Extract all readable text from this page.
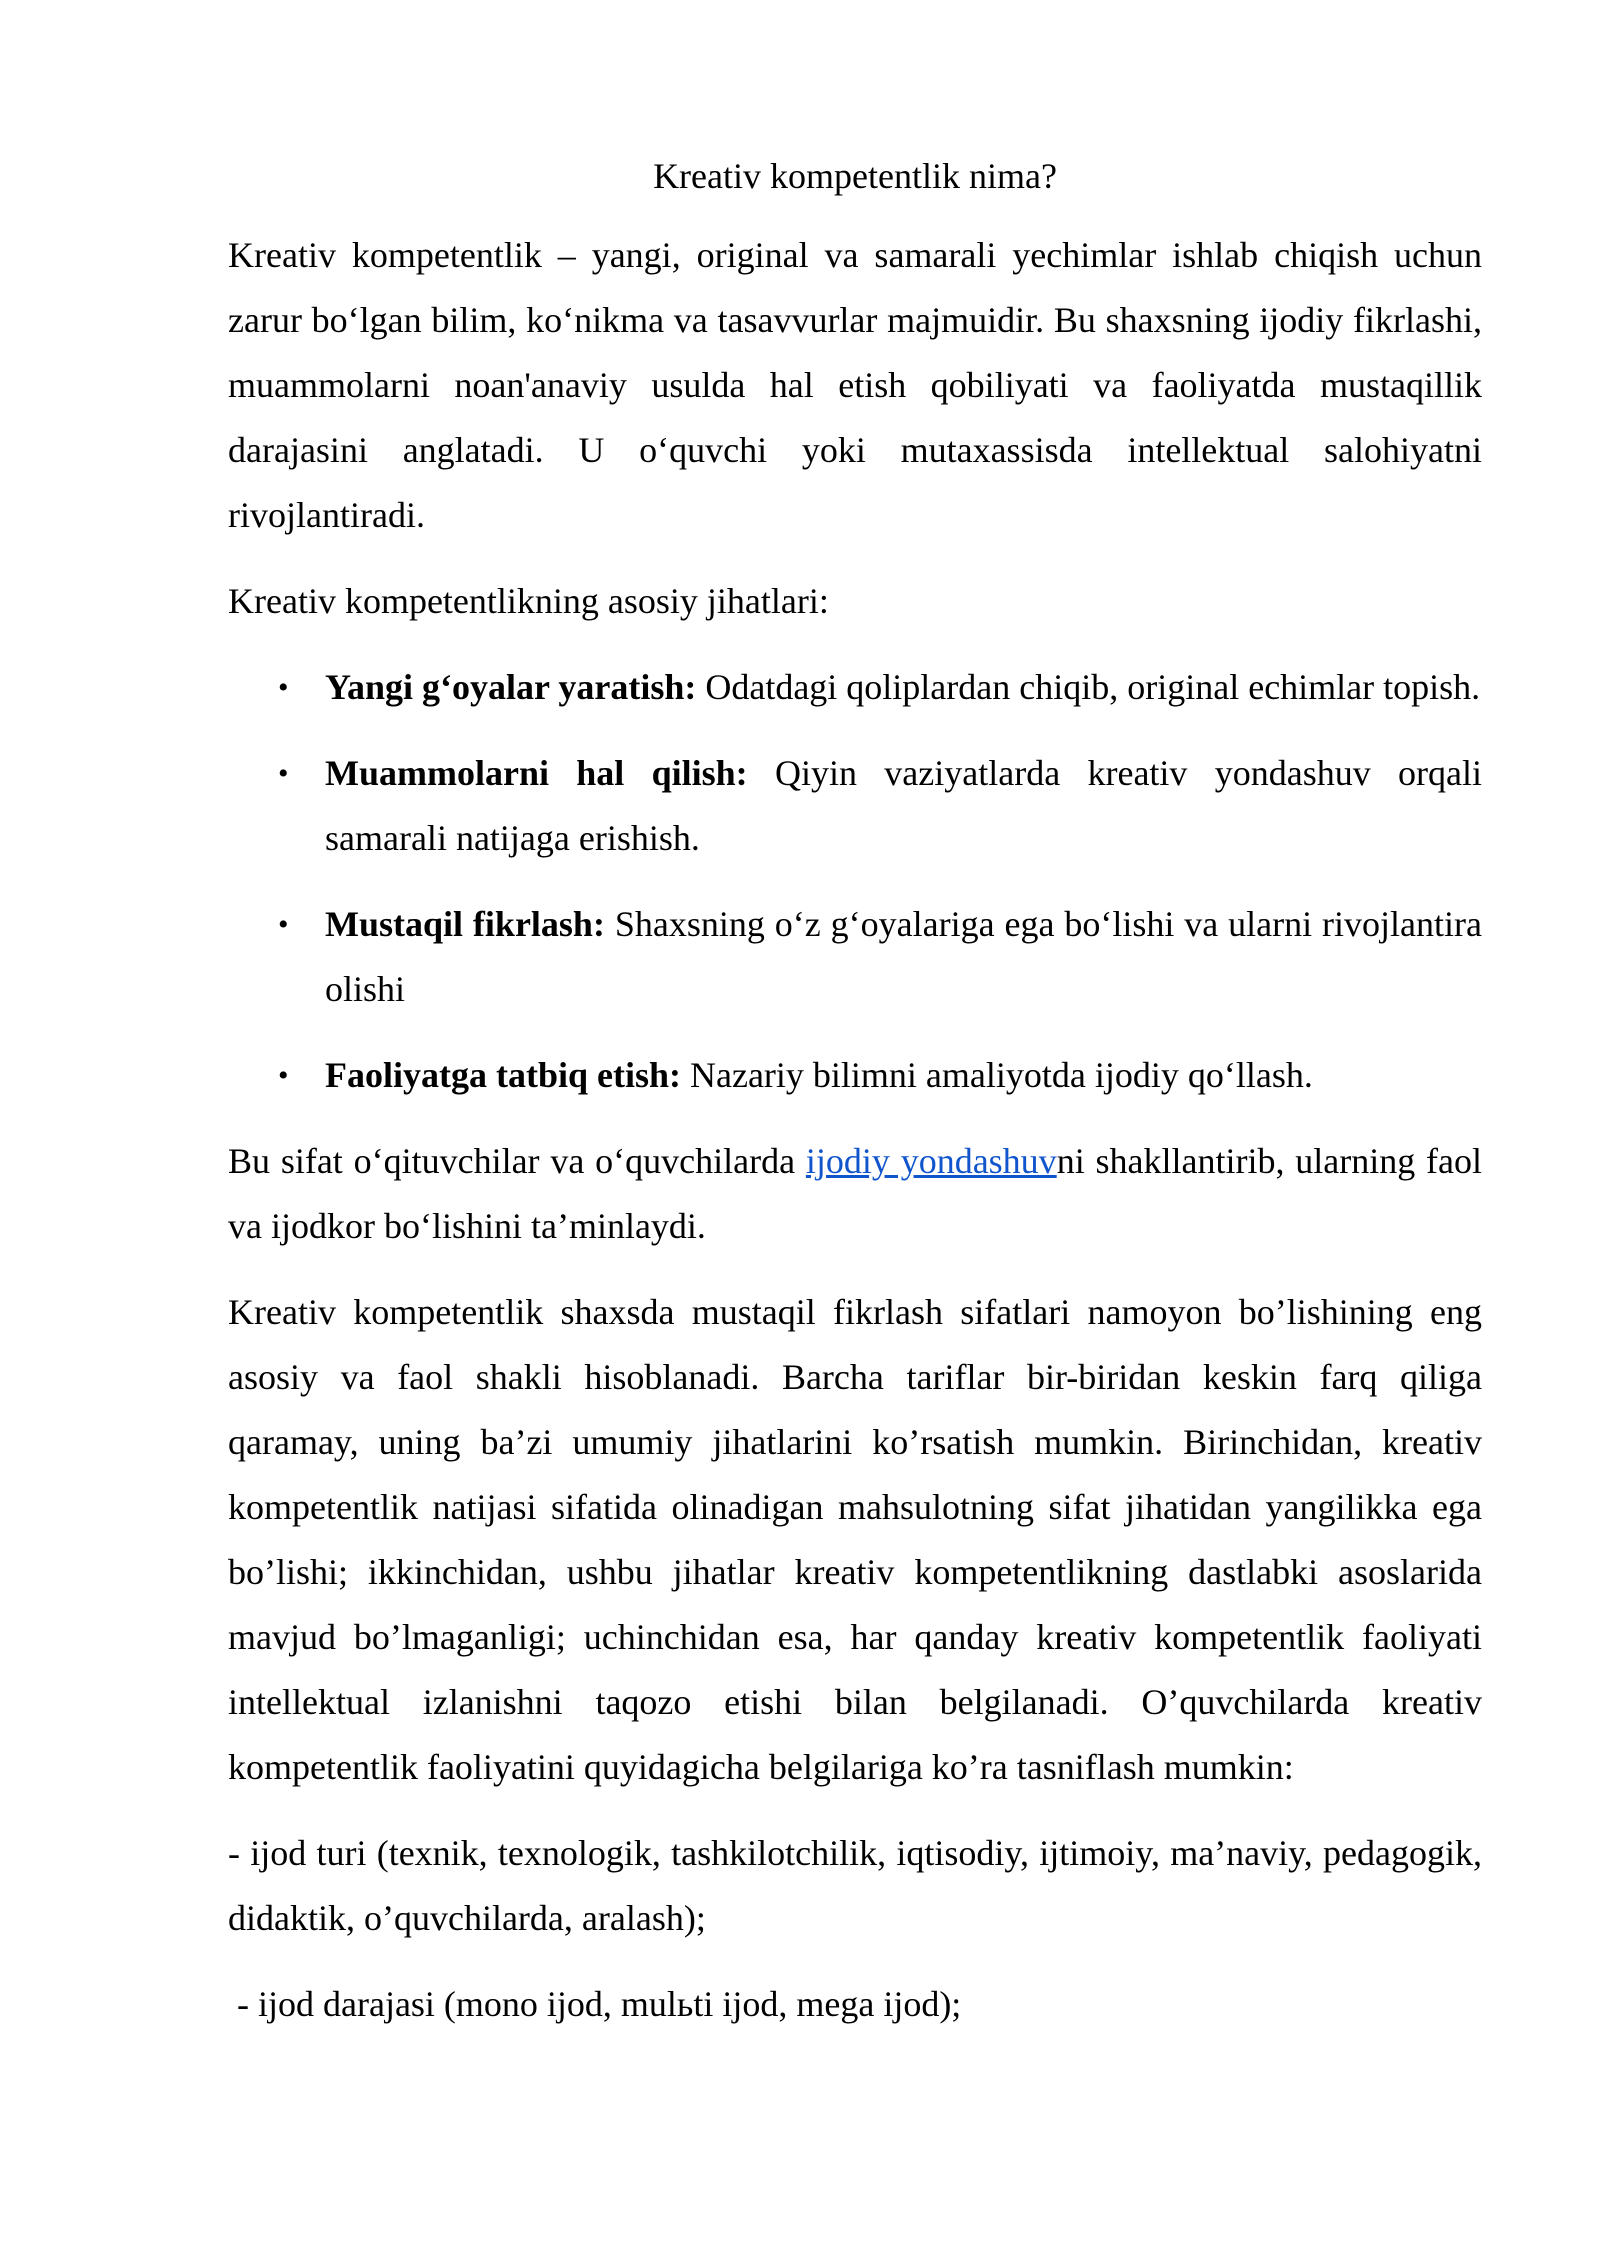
Kreativ kompetentlik nima?

Kreativ kompetentlik – yangi, original va samarali yechimlar ishlab chiqish uchun zarur bo‘lgan bilim, ko‘nikma va tasavvurlar majmuidir. Bu shaxsning ijodiy fikrlashi, muammolarni noan'anaviy usulda hal etish qobiliyati va faoliyatda mustaqillik darajasini anglatadi. U o‘quvchi yoki mutaxassisda intellektual salohiyatni rivojlantiradi.

Kreativ kompetentlikning asosiy jihatlari:

• Yangi g‘oyalar yaratish: Odatdagi qoliplardan chiqib, original echimlar topish.
• Muammolarni hal qilish: Qiyin vaziyatlarda kreativ yondashuv orqali samarali natijaga erishish.
• Mustaqil fikrlash: Shaxsning o‘z g‘oyalariga ega bo‘lishi va ularni rivojlantira olishi
• Faoliyatga tatbiq etish: Nazariy bilimni amaliyotda ijodiy qo‘llash.

Bu sifat o‘qituvchilar va o‘quvchilarda ijodiy yondashuvni shakllantirib, ularning faol va ijodkor bo‘lishini ta’minlaydi.

Kreativ kompetentlik shaxsda mustaqil fikrlash sifatlari namoyon bo’lishining eng asosiy va faol shakli hisoblanadi. Barcha tariflar bir-biridan keskin farq qiliga qaramay, uning ba’zi umumiy jihatlarini ko’rsatish mumkin. Birinchidan, kreativ kompetentlik natijasi sifatida olinadigan mahsulotning sifat jihatidan yangilikka ega bo’lishi; ikkinchidan, ushbu jihatlar kreativ kompetentlikning dastlabki asoslarida mavjud bo’lmaganligi; uchinchidan esa, har qanday kreativ kompetentlik faoliyati intellektual izlanishni taqozo etishi bilan belgilanadi. O’quvchilarda kreativ kompetentlik faoliyatini quyidagicha belgilariga ko’ra tasniflash mumkin:

- ijod turi (texnik, texnologik, tashkilotchilik, iqtisodiy, ijtimoiy, ma’naviy, pedagogik, didaktik, o’quvchilarda, aralash);

- ijod darajasi (mono ijod, mulьti ijod, mega ijod);
